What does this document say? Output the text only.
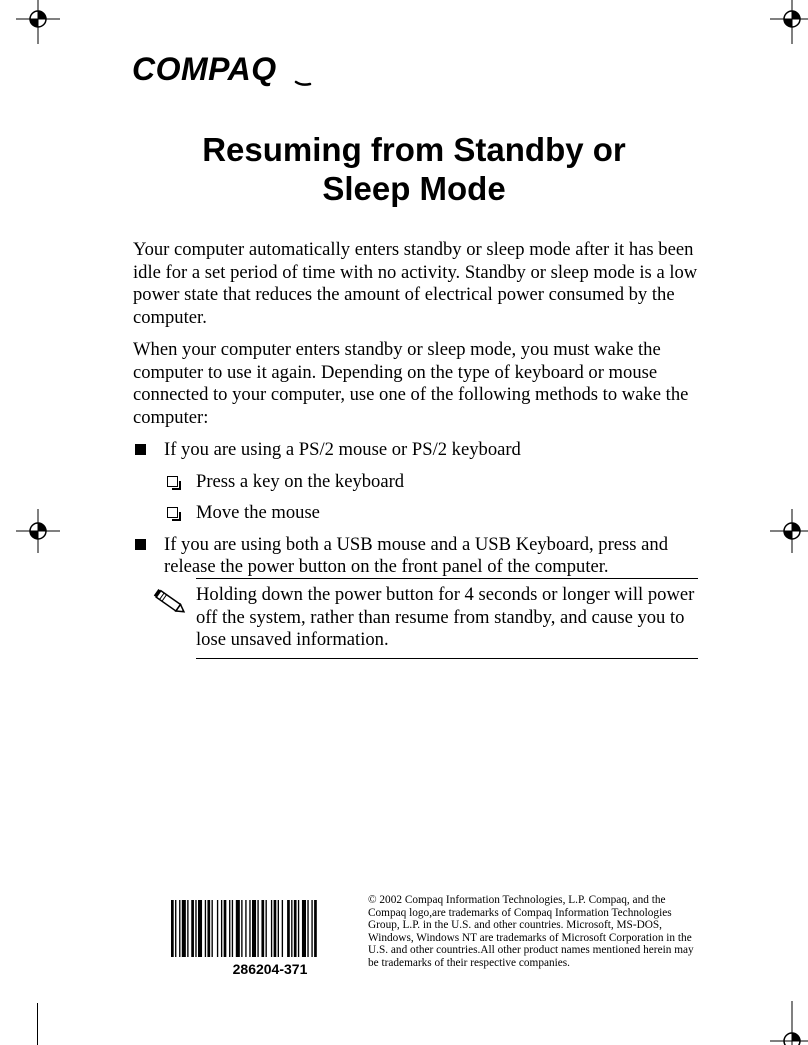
COMPAQ
Resuming from Standby or
Sleep Mode

Your computer automatically enters standby or sleep mode after it has been idle for a set period of time with no activity. Standby or sleep mode is a low power state that reduces the amount of electrical power consumed by the computer.

When your computer enters standby or sleep mode, you must wake the computer to use it again. Depending on the type of keyboard or mouse connected to your computer, use one of the following methods to wake the computer:

If you are using a PS/2 mouse or PS/2 keyboard
Press a key on the keyboard
Move the mouse
If you are using both a USB mouse and a USB Keyboard, press and release the power button on the front panel of the computer.
Holding down the power button for 4 seconds or longer will power off the system, rather than resume from standby, and cause you to lose unsaved information.
286204-371
© 2002 Compaq Information Technologies, L.P. Compaq, and the Compaq logo,are trademarks of Compaq Information Technologies Group, L.P. in the U.S. and other countries. Microsoft, MS-DOS, Windows, Windows NT are trademarks of Microsoft Corporation in the U.S. and other countries.All other product names mentioned herein may be trademarks of their respective companies.
